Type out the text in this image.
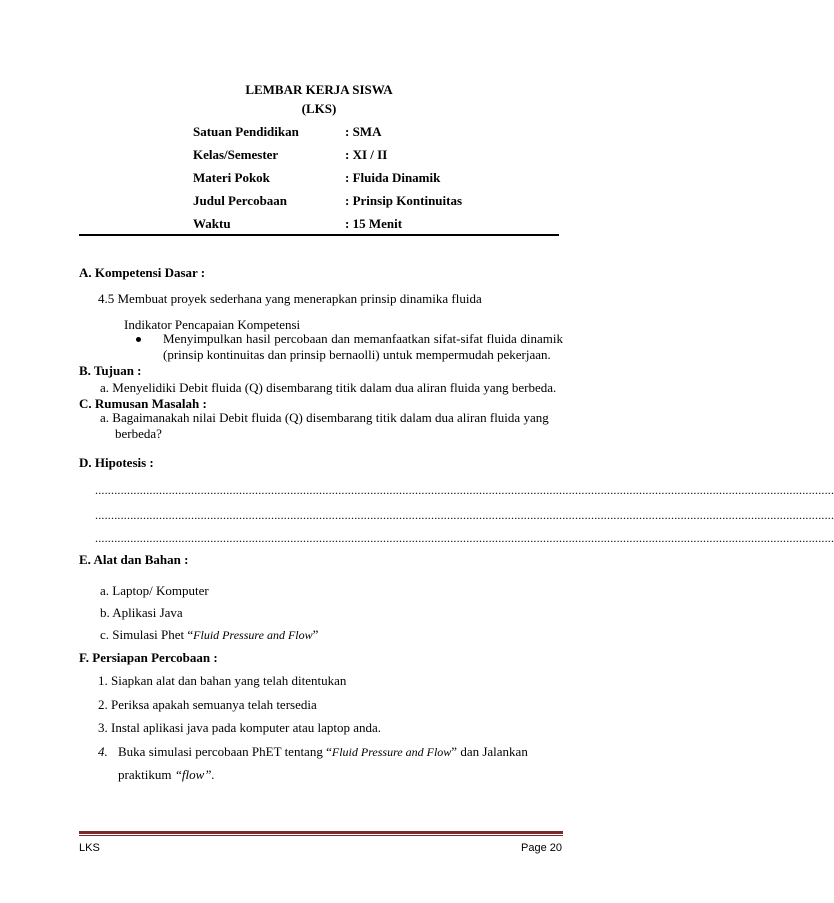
LEMBAR KERJA SISWA
(LKS)
Satuan Pendidikan	: SMA
Kelas/Semester	: XI / II
Materi Pokok	: Fluida Dinamik
Judul Percobaan	: Prinsip Kontinuitas
Waktu	: 15 Menit
A. Kompetensi Dasar :
4.5 Membuat proyek sederhana yang menerapkan prinsip dinamika fluida
Indikator Pencapaian Kompetensi
Menyimpulkan hasil percobaan dan memanfaatkan sifat-sifat fluida dinamik
(prinsip kontinuitas dan prinsip bernaolli) untuk mempermudah pekerjaan.
B. Tujuan :
a. Menyelidiki Debit fluida (Q) disembarang titik dalam dua aliran fluida yang berbeda.
C. Rumusan Masalah :
a. Bagaimanakah nilai Debit fluida (Q) disembarang titik dalam dua aliran fluida yang
berbeda?
D. Hipotesis :
.......................................................................................................................................................................................................................................
.......................................................................................................................................................................................................................................
.......................................................................................................................................................................................................................................
E. Alat dan Bahan :
a. Laptop/ Komputer
b. Aplikasi Java
c. Simulasi Phet “Fluid Pressure and Flow”
F. Persiapan Percobaan :
1. Siapkan alat dan bahan yang telah ditentukan
2. Periksa apakah semuanya telah tersedia
3. Instal aplikasi java pada komputer atau laptop anda.
4. Buka simulasi percobaan PhET tentang “Fluid Pressure and Flow” dan Jalankan
praktikum “flow”.
LKS	Page 20
